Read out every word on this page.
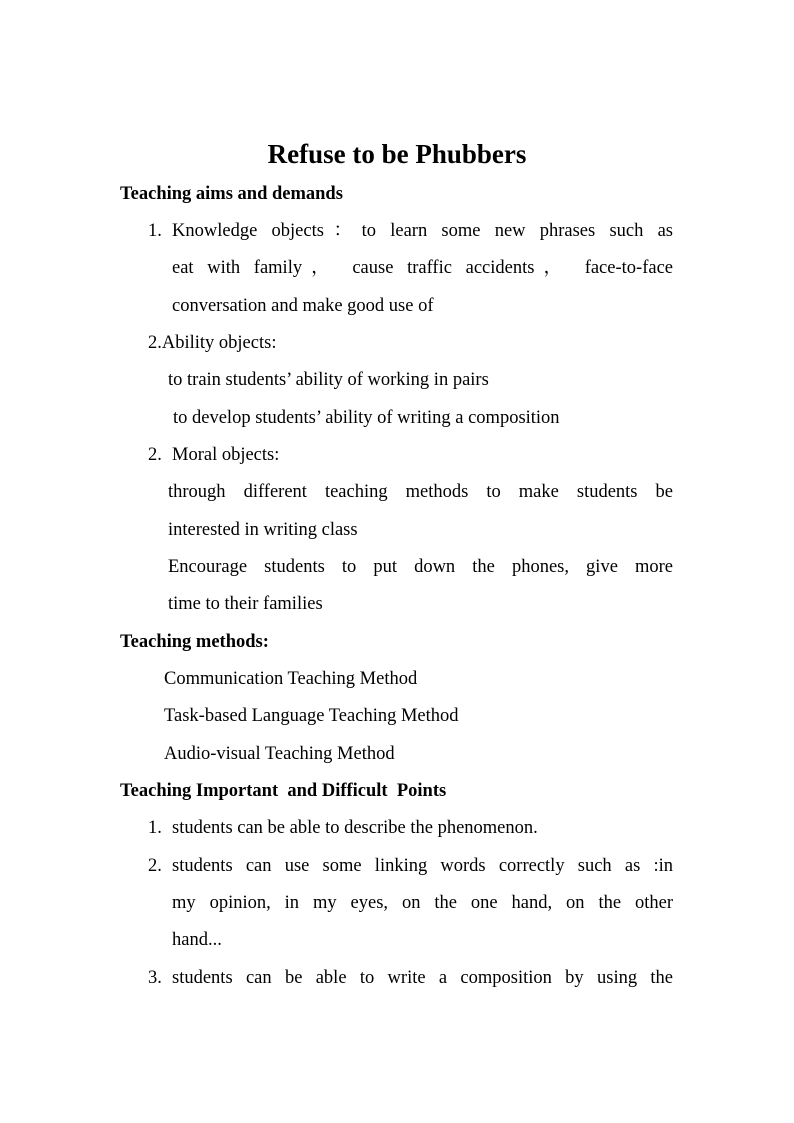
Refuse to be Phubbers
Teaching aims and demands
1. Knowledge objects：to learn some new phrases such as
eat with family， cause traffic accidents， face-to-face
conversation and make good use of
2.Ability objects:
to train students’ ability of working in pairs
to develop students’ ability of writing a composition
2. Moral objects:
through different teaching methods to make students be
interested in writing class
Encourage students to put down the phones, give more
time to their families
Teaching methods:
Communication Teaching Method
Task-based Language Teaching Method
Audio-visual Teaching Method
Teaching Important  and Difficult  Points
1. students can be able to describe the phenomenon.
2. students can use some linking words correctly such as :in
my opinion, in my eyes, on the one hand, on the other
hand...
3. students can be able to write a composition by using the
